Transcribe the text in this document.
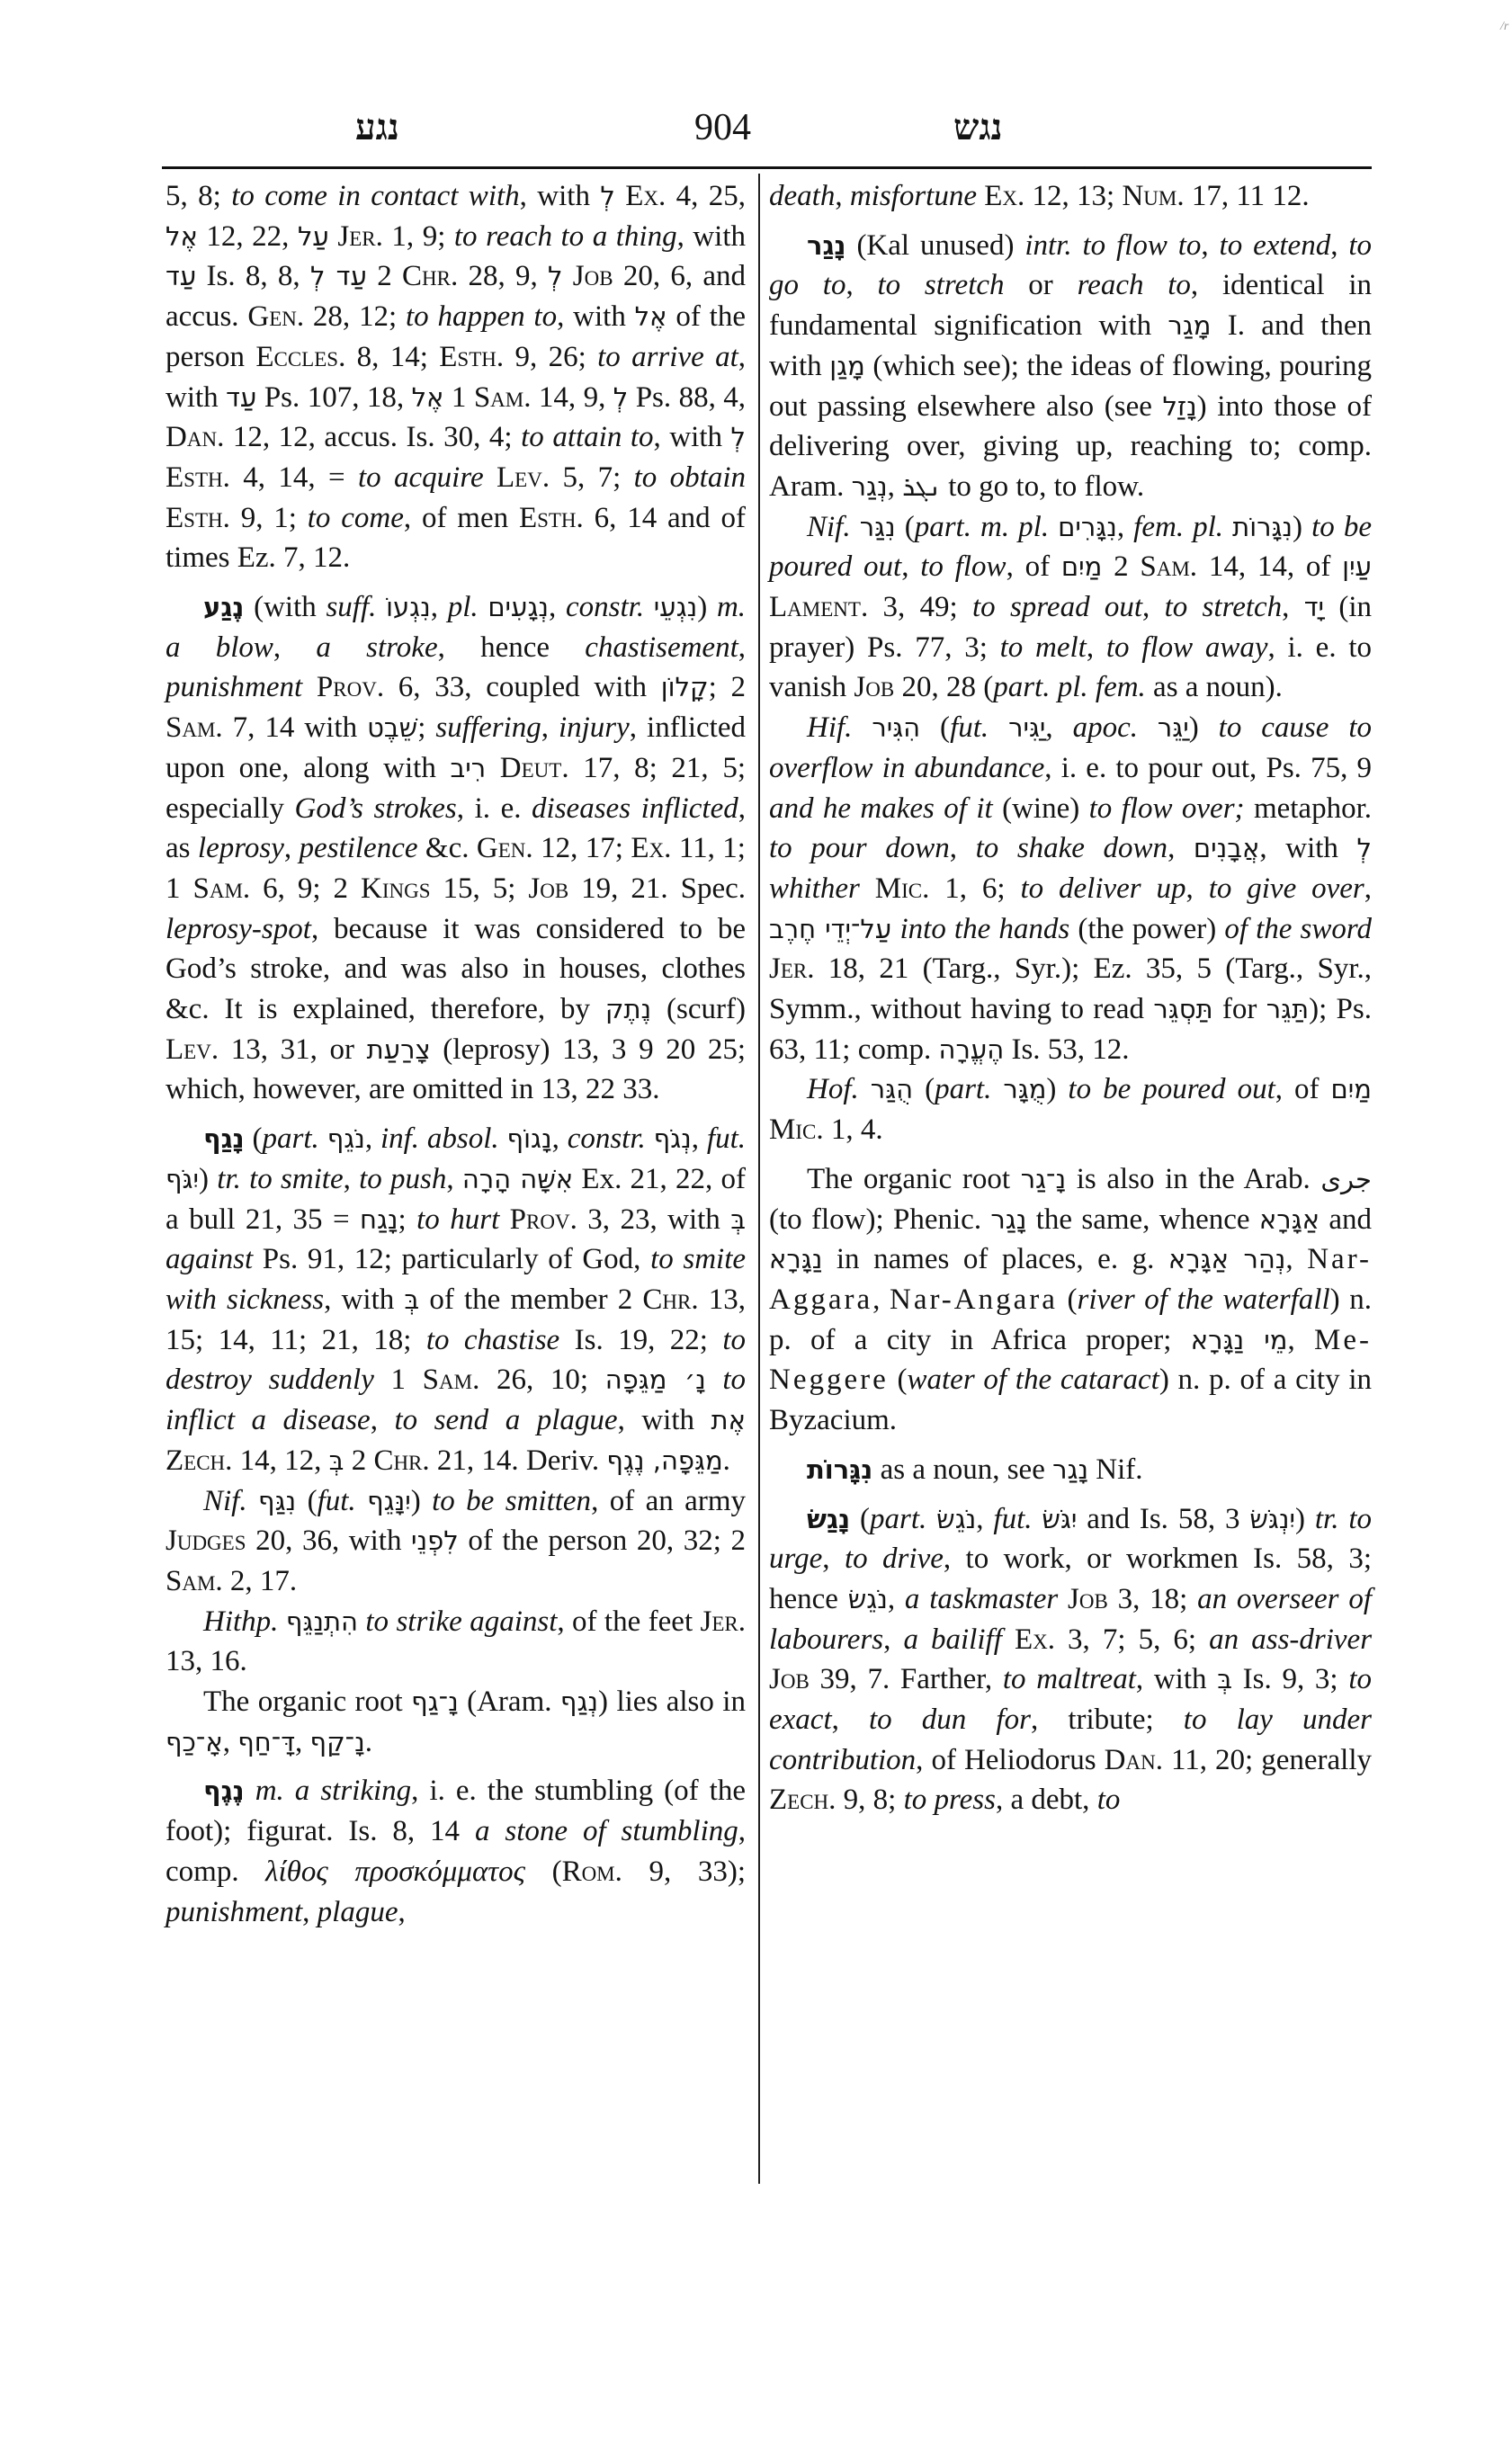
/r
נגע	904	נגש

5, 8; to come in contact with, with לְ Ex. 4, 25, אֶל 12, 22, עַל Jer. 1, 9; to reach to a thing, with עַד Is. 8, 8, עַד לְ 2 Chr. 28, 9, לְ Job 20, 6, and accus. Gen. 28, 12; to happen to, with אֶל of the person Eccles. 8, 14; Esth. 9, 26; to arrive at, with עַד Ps. 107, 18, אֶל 1 Sam. 14, 9, לְ Ps. 88, 4, Dan. 12, 12, accus. Is. 30, 4; to attain to, with לְ Esth. 4, 14, = to acquire Lev. 5, 7; to obtain Esth. 9, 1; to come, of men Esth. 6, 14 and of times Ez. 7, 12.

נֶגַע (with suff. נִגְעוֹ, pl. נְגָעִים, constr. נִגְעֵי) m. a blow, a stroke, hence chastisement, punishment Prov. 6, 33, coupled with קָלוֹן; 2 Sam. 7, 14 with שֵׁבֶט; suffering, injury, inflicted upon one, along with רִיב Deut. 17, 8; 21, 5; especially God’s strokes, i. e. diseases inflicted, as leprosy, pestilence &c. Gen. 12, 17; Ex. 11, 1; 1 Sam. 6, 9; 2 Kings 15, 5; Job 19, 21. Spec. leprosy-spot, because it was considered to be God’s stroke, and was also in houses, clothes &c. It is explained, therefore, by נֶתֶק (scurf) Lev. 13, 31, or צָרַעַת (leprosy) 13, 3 9 20 25; which, however, are omitted in 13, 22 33.

נָגַף (part. נֹגֵף, inf. absol. נָגוֹף, constr. נְגֹף, fut. יִגֹּף) tr. to smite, to push, אִשָּׁה הָרָה Ex. 21, 22, of a bull 21, 35 = נָגַח; to hurt Prov. 3, 23, with בְּ against Ps. 91, 12; particularly of God, to smite with sickness, with בְּ of the member 2 Chr. 13, 15; 14, 11; 21, 18; to chastise Is. 19, 22; to destroy suddenly 1 Sam. 26, 10; נָ׳ מַגֵּפָה to inflict a disease, to send a plague, with אֶת Zech. 14, 12, בְּ 2 Chr. 21, 14. Deriv. מַגֵּפָה, נֶגֶף.

Nif. נִגַּף (fut. יִנָּגֵף) to be smitten, of an army Judges 20, 36, with לִפְנֵי of the person 20, 32; 2 Sam. 2, 17.

Hithp. הִתְנַגֵּף to strike against, of the feet Jer. 13, 16.

The organic root נָ־גַף (Aram. נְגַף) lies also in אָ־כַף, דָּ־חַף, נָ־קַף.

נֶגֶף m. a striking, i. e. the stumbling (of the foot); figurat. Is. 8, 14 a stone of stumbling, comp. λίθος προσκόμματος (Rom. 9, 33); punishment, plague,

death, misfortune Ex. 12, 13; Num. 17, 11 12.

נָגַר (Kal unused) intr. to flow to, to extend, to go to, to stretch or reach to, identical in fundamental signification with מָגַר I. and then with מָגַן (which see); the ideas of flowing, pouring out passing elsewhere also (see נָזַל) into those of delivering over, giving up, reaching to; comp. Aram. נְגַר, ܢܓܪ to go to, to flow.

Nif. נִגַּר (part. m. pl. נִגָּרִים, fem. pl. נִגָּרוֹת) to be poured out, to flow, of מַיִם 2 Sam. 14, 14, of עַיִן Lament. 3, 49; to spread out, to stretch, יָד (in prayer) Ps. 77, 3; to melt, to flow away, i. e. to vanish Job 20, 28 (part. pl. fem. as a noun).

Hif. הִגִּיר (fut. יַגִּיר, apoc. יַגֵּר) to cause to overflow in abundance, i. e. to pour out, Ps. 75, 9 and he makes of it (wine) to flow over; metaphor. to pour down, to shake down, אֲבָנִים, with לְ whither Mic. 1, 6; to deliver up, to give over, עַל־יְדֵי חֶרֶב into the hands (the power) of the sword Jer. 18, 21 (Targ., Syr.); Ez. 35, 5 (Targ., Syr., Symm., without having to read תַּסְגֵּר for תַּגֵּר); Ps. 63, 11; comp. הֶעֱרָה Is. 53, 12.

Hof. הֻגַּר (part. מֻגָּר) to be poured out, of מַיִם Mic. 1, 4.

The organic root נָ־גַר is also in the Arab. جرى (to flow); Phenic. נָגַר the same, whence אַגָּרָא and נַגָּרָא in names of places, e. g. נְהַר אַגָּרָא, Nar-Aggara, Nar-Angara (river of the waterfall) n. p. of a city in Africa proper; מֵי נַגָּרָא, Me-Neggere (water of the cataract) n. p. of a city in Byzacium.

נִגָּרוֹת as a noun, see נָגַר Nif.

נָגַשׂ (part. נֹגֵשׂ, fut. יִגֹּשׂ and Is. 58, 3 יִנְגֹּשׂ) tr. to urge, to drive, to work, or workmen Is. 58, 3; hence נֹגֵשׂ, a taskmaster Job 3, 18; an overseer of labourers, a bailiff Ex. 3, 7; 5, 6; an ass-driver Job 39, 7. Farther, to maltreat, with בְּ Is. 9, 3; to exact, to dun for, tribute; to lay under contribution, of Heliodorus Dan. 11, 20; generally Zech. 9, 8; to press, a debt, to
